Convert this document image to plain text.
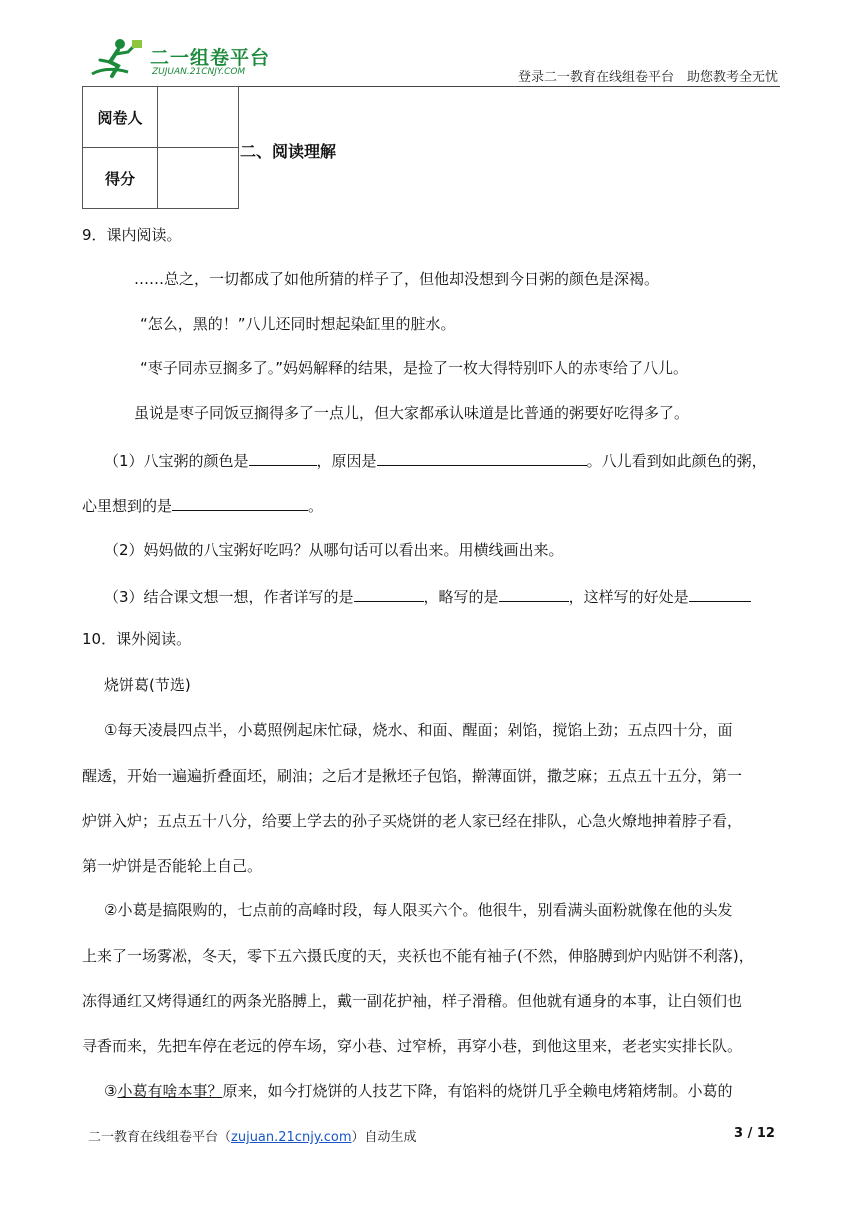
二一组卷平台
ZUJUAN.21CNJY.COM	登录二一教育在线组卷平台　助您教考全无忧
阅卷人	
得分	
二、阅读理解
9．课内阅读。
……总之，一切都成了如他所猜的样子了，但他却没想到今日粥的颜色是深褐。
“怎么，黑的！”八儿还同时想起染缸里的脏水。
“枣子同赤豆搁多了。”妈妈解释的结果，是捡了一枚大得特别吓人的赤枣给了八儿。
虽说是枣子同饭豆搁得多了一点儿，但大家都承认味道是比普通的粥要好吃得多了。
（1）八宝粥的颜色是	，原因是	。八儿看到如此颜色的粥，
心里想到的是	。
（2）妈妈做的八宝粥好吃吗？从哪句话可以看出来。用横线画出来。
（3）结合课文想一想，作者详写的是	，略写的是	，这样写的好处是
10．课外阅读。
烧饼葛(节选)
①每天凌晨四点半，小葛照例起床忙碌，烧水、和面、醒面；剁馅，搅馅上劲；五点四十分，面
醒透，开始一遍遍折叠面坯，刷油；之后才是揪坯子包馅，擀薄面饼，撒芝麻；五点五十五分，第一
炉饼入炉；五点五十八分，给要上学去的孙子买烧饼的老人家已经在排队，心急火燎地抻着脖子看，
第一炉饼是否能轮上自己。
②小葛是搞限购的，七点前的高峰时段，每人限买六个。他很牛，别看满头面粉就像在他的头发
上来了一场雾凇，冬天，零下五六摄氏度的天，夹袄也不能有袖子(不然，伸胳膊到炉内贴饼不利落)，
冻得通红又烤得通红的两条光胳膊上，戴一副花护袖，样子滑稽。但他就有通身的本事，让白领们也
寻香而来，先把车停在老远的停车场，穿小巷、过窄桥，再穿小巷，到他这里来，老老实实排长队。
③小葛有啥本事？原来，如今打烧饼的人技艺下降，有馅料的烧饼几乎全赖电烤箱烤制。小葛的
二一教育在线组卷平台（zujuan.21cnjy.com）自动生成	3 / 12
